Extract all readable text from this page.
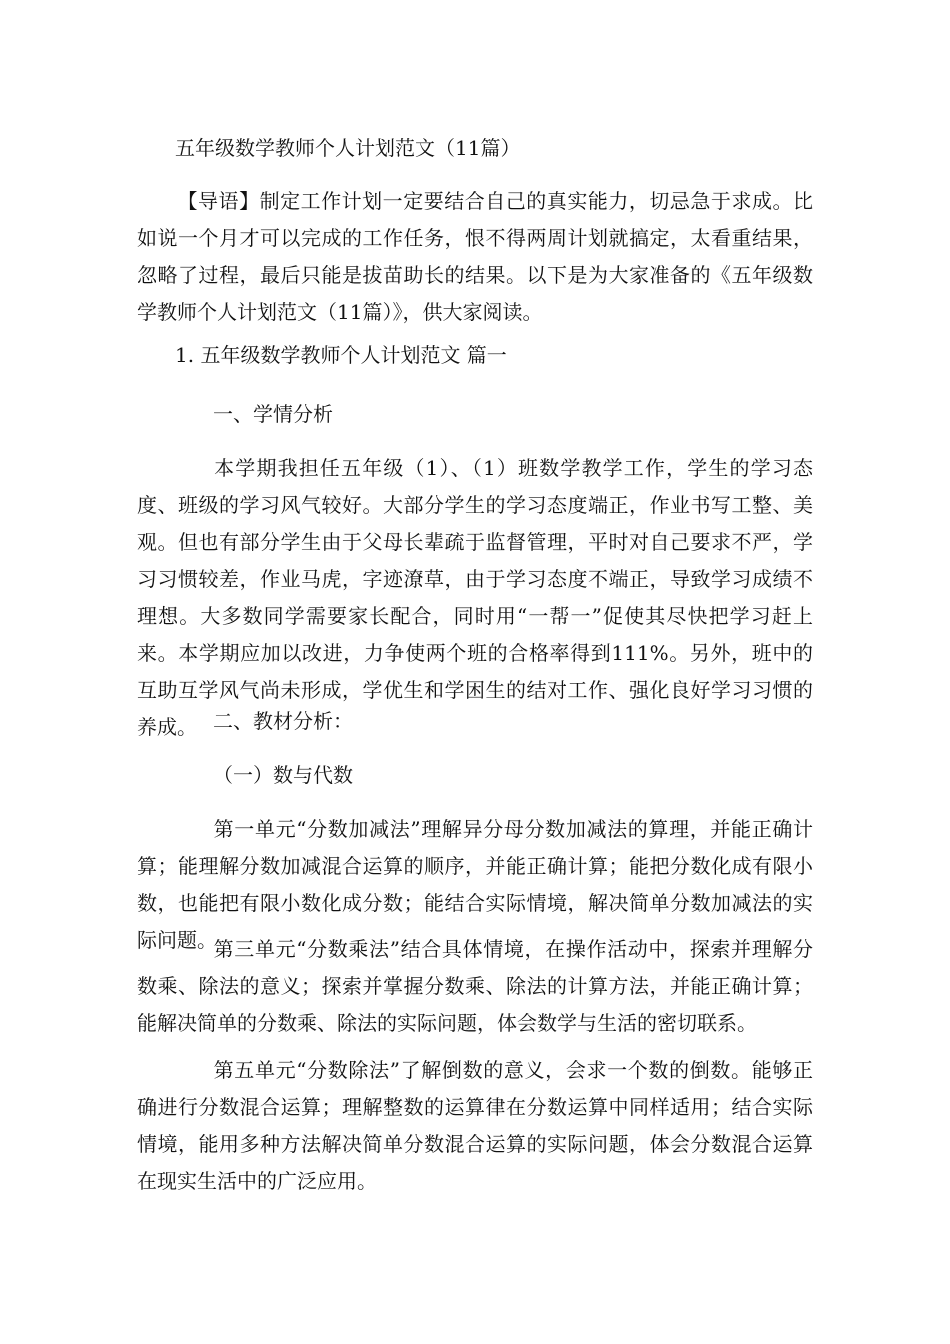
五年级数学教师个人计划范文（11篇）

【导语】制定工作计划一定要结合自己的真实能力，切忌急于求成。比如说一个月才可以完成的工作任务，恨不得两周计划就搞定，太看重结果，忽略了过程，最后只能是拔苗助长的结果。以下是为大家准备的《五年级数学教师个人计划范文（11篇）》，供大家阅读。

1. 五年级数学教师个人计划范文 篇一

一、学情分析

本学期我担任五年级（1）、（1）班数学教学工作，学生的学习态度、班级的学习风气较好。大部分学生的学习态度端正，作业书写工整、美观。但也有部分学生由于父母长辈疏于监督管理，平时对自己要求不严，学习习惯较差，作业马虎，字迹潦草，由于学习态度不端正，导致学习成绩不理想。大多数同学需要家长配合，同时用“一帮一”促使其尽快把学习赶上来。本学期应加以改进，力争使两个班的合格率得到111%。另外，班中的互助互学风气尚未形成，学优生和学困生的结对工作、强化良好学习习惯的养成。 二、教材分析：

（一）数与代数

第一单元“分数加减法”理解异分母分数加减法的算理，并能正确计算；能理解分数加减混合运算的顺序，并能正确计算；能把分数化成有限小数，也能把有限小数化成分数；能结合实际情境，解决简单分数加减法的实际问题。

第三单元“分数乘法”结合具体情境，在操作活动中，探索并理解分数乘、除法的意义；探索并掌握分数乘、除法的计算方法，并能正确计算；能解决简单的分数乘、除法的实际问题，体会数学与生活的密切联系。

第五单元“分数除法”了解倒数的意义，会求一个数的倒数。能够正确进行分数混合运算；理解整数的运算律在分数运算中同样适用；结合实际情境，能用多种方法解决简单分数混合运算的实际问题，体会分数混合运算在现实生活中的广泛应用。
